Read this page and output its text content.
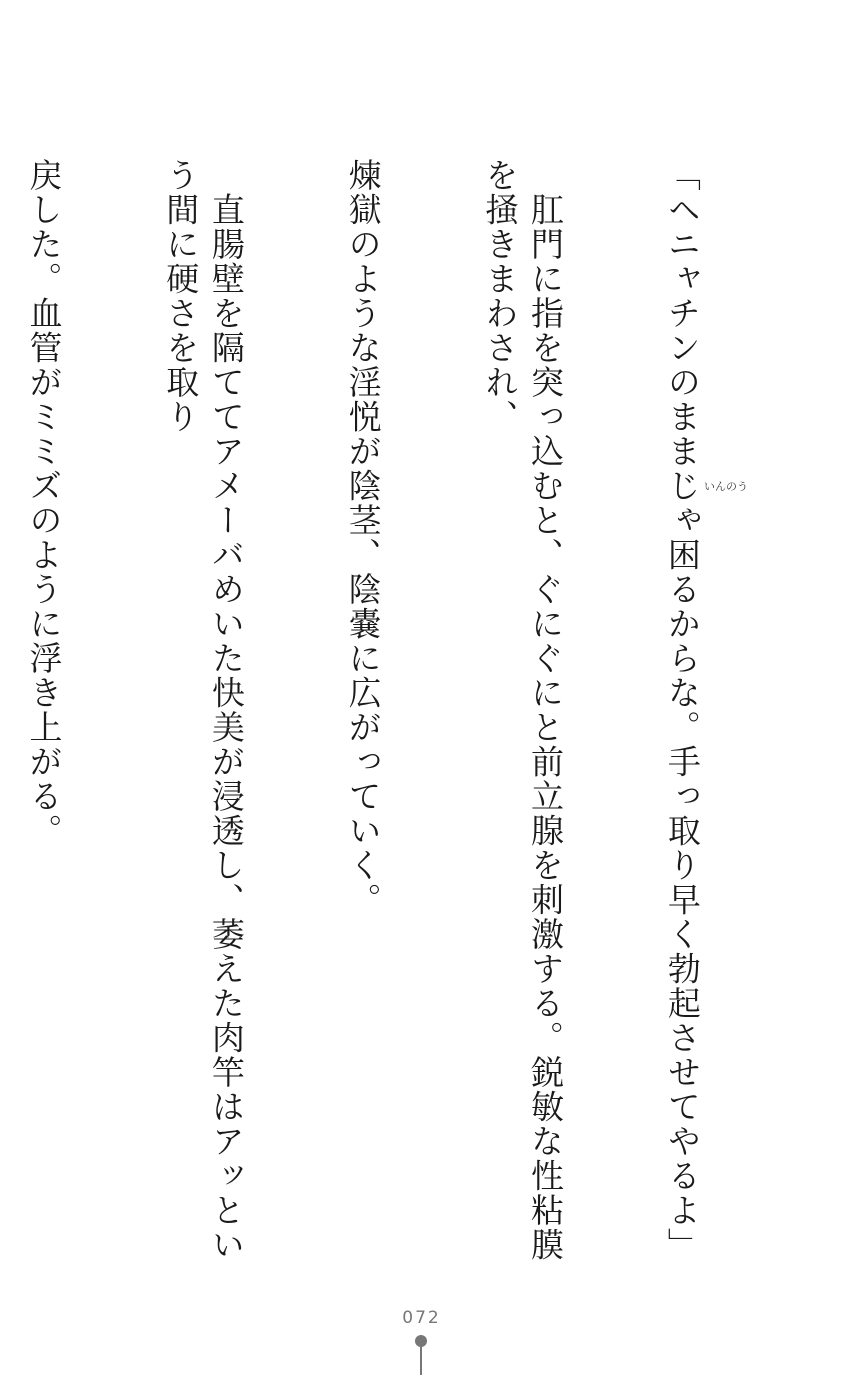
「ヘニャチンのままじゃ困るからな。手っ取り早く勃起させてやるよ」

　肛門に指を突っ込むと、ぐにぐにと前立腺を刺激する。鋭敏な性粘膜を掻きまわされ、

煉獄のような淫悦が陰茎、陰嚢に広がっていく。

　直腸壁を隔ててアメーバめいた快美が浸透し、萎えた肉竿はアッという間に硬さを取り

戻した。血管がミミズのように浮き上がる。

	いんのう
072
